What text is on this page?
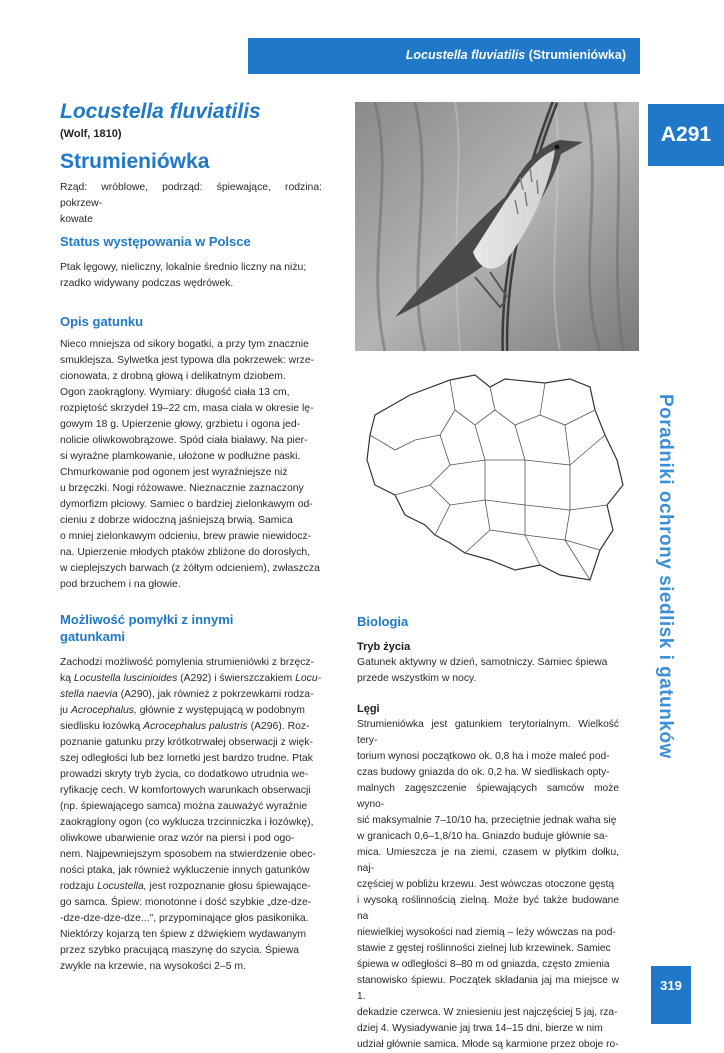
Locustella fluviatilis (Strumieniówka)
A291
Poradniki ochrony siedlisk i gatunków
319
Locustella fluviatilis
(Wolf, 1810)
Strumieniówka
Rząd: wróblowe, podrząd: śpiewające, rodzina: pokrzew-
kowate
Status występowania w Polsce
Ptak lęgowy, nieliczny, lokalnie średnio liczny na niżu;
rzadko widywany podczas wędrówek.
Opis gatunku
Nieco mniejsza od sikory bogatki, a przy tym znacznie
smuklejsza. Sylwetka jest typowa dla pokrzewek: wrze-
cionowata, z drobną głową i delikatnym dziobem.
Ogon zaokrąglony. Wymiary: długość ciała 13 cm,
rozpiętość skrzydeł 19–22 cm, masa ciała w okresie lę-
gowym 18 g. Upierzenie głowy, grzbietu i ogona jed-
nolicie oliwkowobrązowe. Spód ciała białawy. Na pier-
si wyraźne plamkowanie, ułożone w podłużne paski.
Chmurkowanie pod ogonem jest wyraźniejsze niż
u brzęczki. Nogi różowawe. Nieznacznie zaznaczony
dymorfizm płciowy. Samiec o bardziej zielonkawym od-
cieniu z dobrze widoczną jaśniejszą brwią. Samica
o mniej zielonkawym odcieniu, brew prawie niewidocz-
na. Upierzenie młodych ptaków zbliżone do dorosłych,
w cieplejszych barwach (z żółtym odcieniem), zwłaszcza
pod brzuchem i na głowie.
Możliwość pomyłki z innymi
gatunkami
Zachodzi możliwość pomylenia strumieniówki z brzęcz-
ką Locustella luscinioides (A292) i świerszczakiem Locu-
stella naevia (A290), jak również z pokrzewkami rodza-
ju Acrocephalus, głównie z występującą w podobnym
siedlisku łozówką Acrocephalus palustris (A296). Roz-
poznanie gatunku przy krótkotrwałej obserwacji z więk-
szej odległości lub bez lornetki jest bardzo trudne. Ptak
prowadzi skryty tryb życia, co dodatkowo utrudnia we-
ryfikację cech. W komfortowych warunkach obserwacji
(np. śpiewającego samca) można zauważyć wyraźnie
zaokrąglony ogon (co wyklucza trzcinniczka i łozówkę),
oliwkowe ubarwienie oraz wzór na piersi i pod ogo-
nem. Najpewniejszym sposobem na stwierdzenie obec-
ności ptaka, jak również wykluczenie innych gatunków
rodzaju Locustella, jest rozpoznanie głosu śpiewające-
go samca. Śpiew: monotonne i dość szybkie „dze-dze-
-dze-dze-dze-dze...", przypominające głos pasikonika.
Niektórzy kojarzą ten śpiew z dźwiękiem wydawanym
przez szybko pracującą maszynę do szycia. Śpiewa
zwykle na krzewie, na wysokości 2–5 m.
Biologia
Tryb życia
Gatunek aktywny w dzień, samotniczy. Samiec śpiewa
przede wszystkim w nocy.
Lęgi
Strumieniówka jest gatunkiem terytorialnym. Wielkość tery-
torium wynosi początkowo ok. 0,8 ha i może maleć pod-
czas budowy gniazda do ok. 0,2 ha. W siedliskach opty-
malnych zagęszczenie śpiewających samców może wyno-
sić maksymalnie 7–10/10 ha, przeciętnie jednak waha się
w granicach 0,6–1,8/10 ha. Gniazdo buduje głównie sa-
mica. Umieszcza je na ziemi, czasem w płytkim dołku, naj-
częściej w pobliżu krzewu. Jest wówczas otoczone gęstą
i wysoką roślinnością zielną. Może być także budowane na
niewielkiej wysokości nad ziemią – leży wówczas na pod-
stawie z gęstej roślinności zielnej lub krzewinek. Samiec
śpiewa w odległości 8–80 m od gniazda, często zmienia
stanowisko śpiewu. Początek składania jaj ma miejsce w 1.
dekadzie czerwca. W zniesieniu jest najczęściej 5 jaj, rza-
dziej 4. Wysiadywanie jaj trwa 14–15 dni, bierze w nim
udział głównie samica. Młode są karmione przez oboje ro-
